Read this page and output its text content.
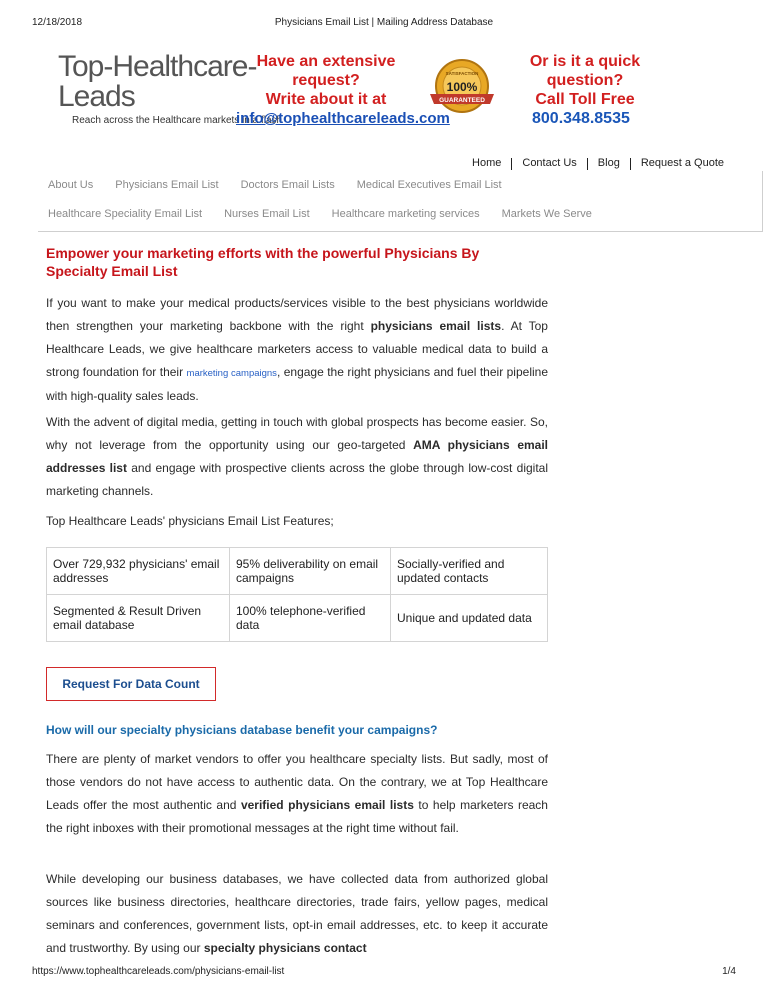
12/18/2018	Physicians Email List | Mailing Address Database
Top-Healthcare-Leads
Reach across the Healthcare markets in a flash
Have an extensive
request?
Write about it at
info@tophealthcareleads.com
100%
GUARANTEED
SATISFACTION
Or is it a quick
question?
Call Toll Free
800.348.8535
Home	Contact Us	Blog	Request a Quote
About Us Physicians Email List Doctors Email Lists Medical Executives Email List
Healthcare Speciality Email List Nurses Email List Healthcare marketing services Markets We Serve
Empower your marketing efforts with the powerful Physicians By Specialty Email List

If you want to make your medical products/services visible to the best physicians worldwide then strengthen your marketing backbone with the right physicians email lists. At Top Healthcare Leads, we give healthcare marketers access to valuable medical data to build a strong foundation for their marketing campaigns, engage the right physicians and fuel their pipeline with high-quality sales leads.

With the advent of digital media, getting in touch with global prospects has become easier. So, why not leverage from the opportunity using our geo-targeted AMA physicians email addresses list and engage with prospective clients across the globe through low-cost digital marketing channels.

Top Healthcare Leads' physicians Email List Features;
Over 729,932 physicians' email addresses	95% deliverability on email campaigns	Socially-verified and updated contacts
Segmented & Result Driven email database	100% telephone-verified data	Unique and updated data
Request For Data Count
How will our specialty physicians database benefit your campaigns?

There are plenty of market vendors to offer you healthcare specialty lists. But sadly, most of those vendors do not have access to authentic data. On the contrary, we at Top Healthcare Leads offer the most authentic and verified physicians email lists to help marketers reach the right inboxes with their promotional messages at the right time without fail.

While developing our business databases, we have collected data from authorized global sources like business directories, healthcare directories, trade fairs, yellow pages, medical seminars and conferences, government lists, opt-in email addresses, etc. to keep it accurate and trustworthy. By using our specialty physicians contact

https://www.tophealthcareleads.com/physicians-email-list	1/4
